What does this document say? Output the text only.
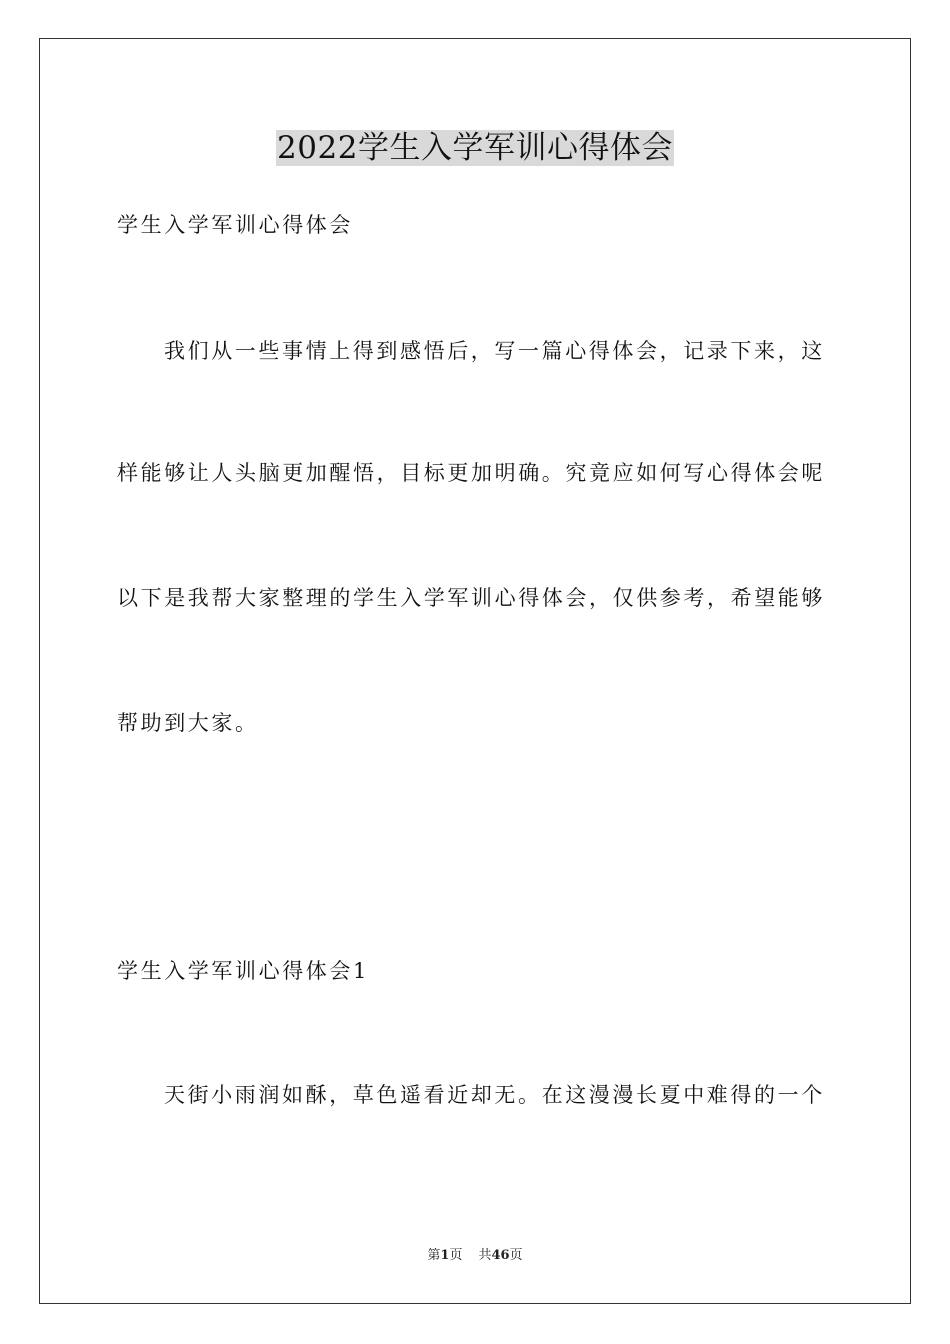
2022学生入学军训心得体会
学生入学军训心得体会
我们从一些事情上得到感悟后，写一篇心得体会，记录下来，这
样能够让人头脑更加醒悟，目标更加明确。究竟应如何写心得体会呢
以下是我帮大家整理的学生入学军训心得体会，仅供参考，希望能够
帮助到大家。
学生入学军训心得体会1
天街小雨润如酥，草色遥看近却无。在这漫漫长夏中难得的一个
第1页 共46页
